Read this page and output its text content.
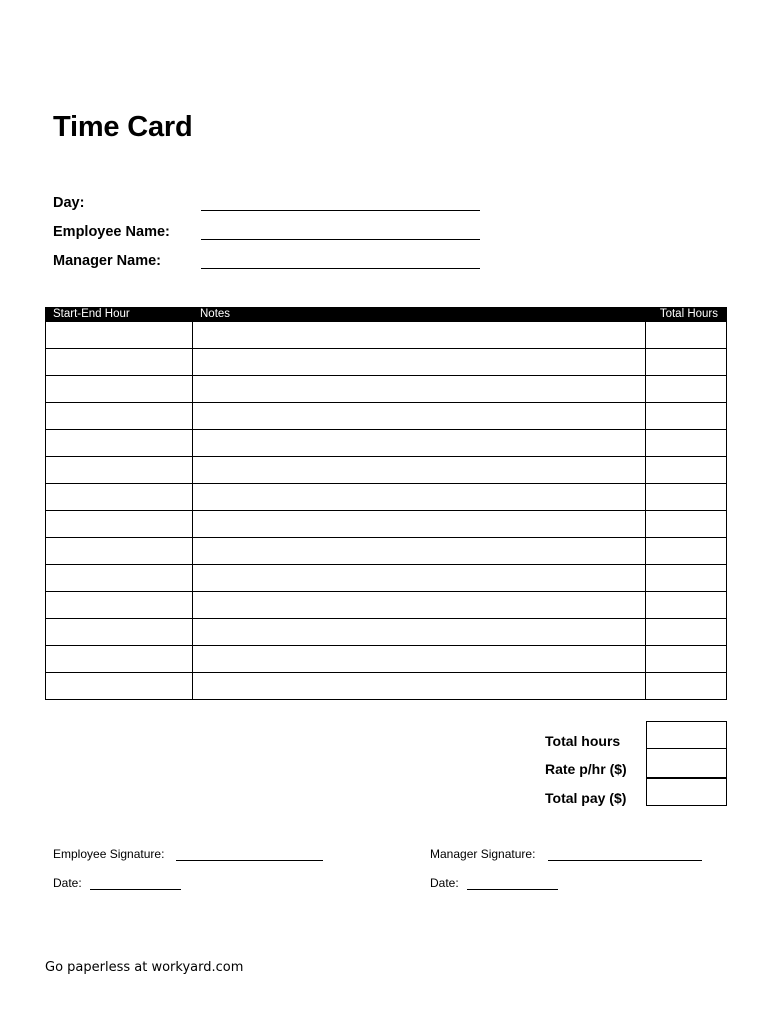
Time Card
Day:
Employee Name:
Manager Name:
Start-End Hour	Notes	Total Hours
Total hours
Rate p/hr ($)
Total pay ($)
Employee Signature:
Date:
Manager Signature:
Date:
Go paperless at workyard.com
